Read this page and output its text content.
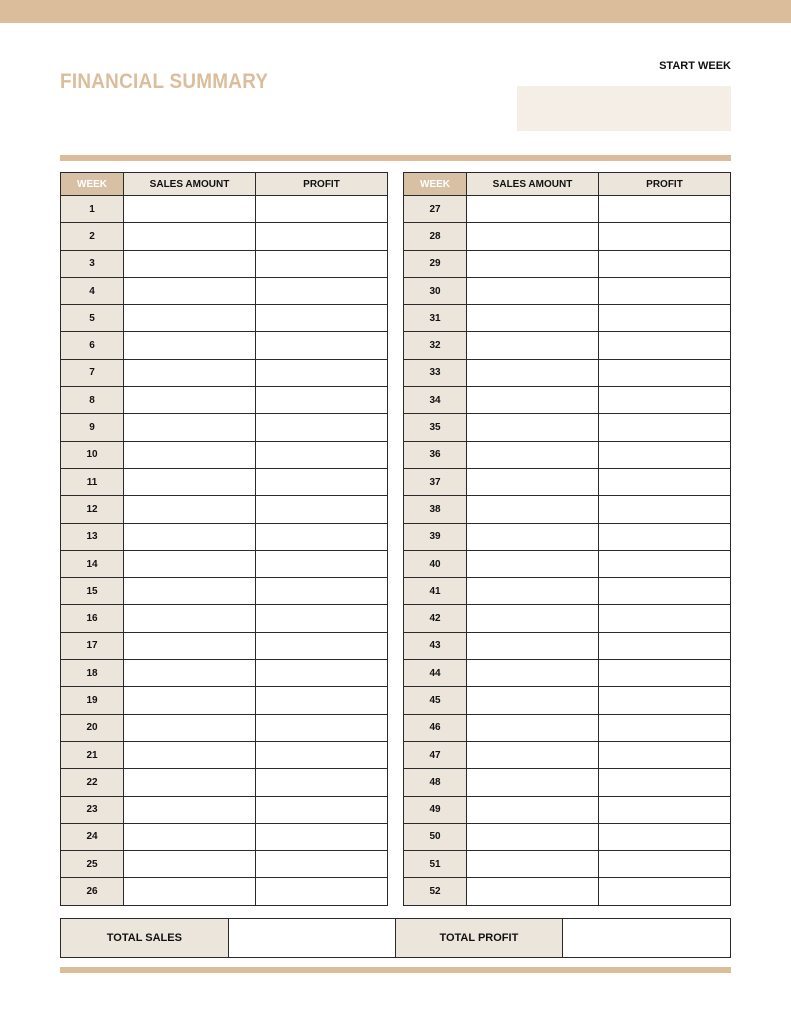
FINANCIAL SUMMARY
START WEEK
WEEK	SALES AMOUNT	PROFIT
1		
2		
3		
4		
5		
6		
7		
8		
9		
10		
11		
12		
13		
14		
15		
16		
17		
18		
19		
20		
21		
22		
23		
24		
25		
26		
WEEK	SALES AMOUNT	PROFIT
27		
28		
29		
30		
31		
32		
33		
34		
35		
36		
37		
38		
39		
40		
41		
42		
43		
44		
45		
46		
47		
48		
49		
50		
51		
52		
TOTAL SALES	TOTAL PROFIT
